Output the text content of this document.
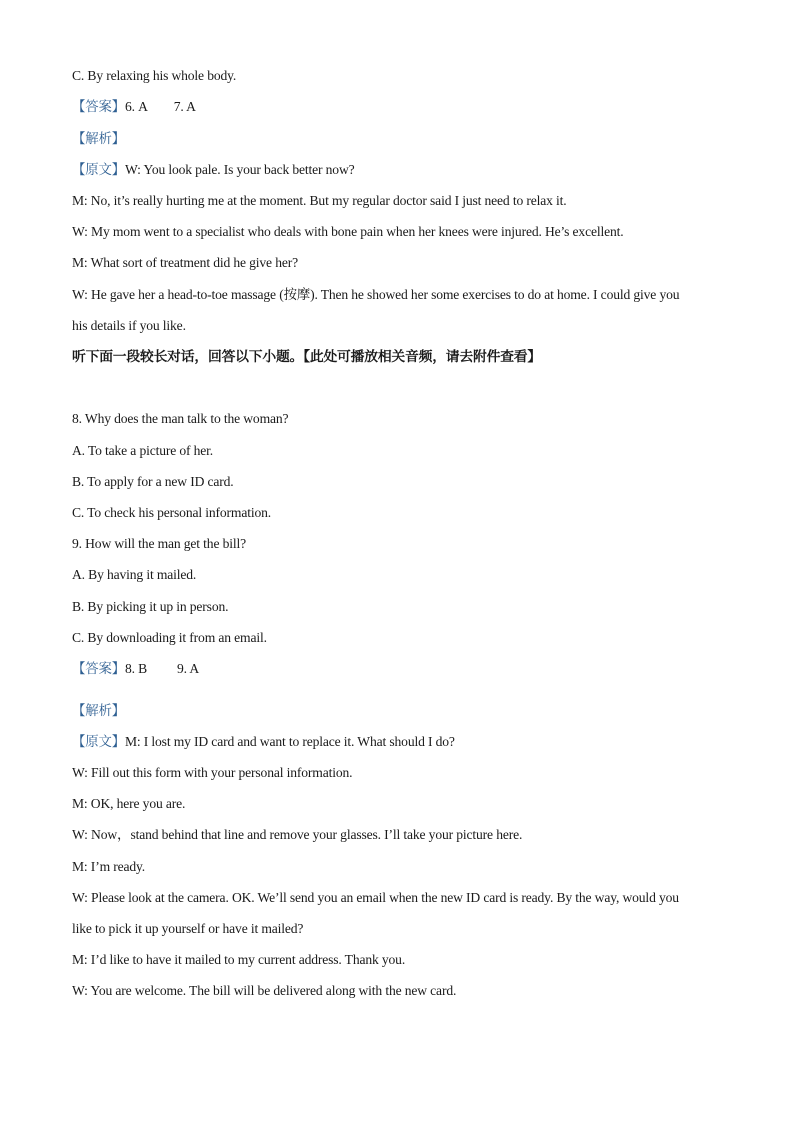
C. By relaxing his whole body.
【答案】6. A 7. A
【解析】
【原文】W: You look pale. Is your back better now?
M: No, it’s really hurting me at the moment. But my regular doctor said I just need to relax it.
W: My mom went to a specialist who deals with bone pain when her knees were injured. He’s excellent.
M: What sort of treatment did he give her?
W: He gave her a head-to-toe massage (按摩). Then he showed her some exercises to do at home. I could give you
his details if you like.
听下面一段较长对话，回答以下小题。【此处可播放相关音频，请去附件查看】
8. Why does the man talk to the woman?
A. To take a picture of her.
B. To apply for a new ID card.
C. To check his personal information.
9. How will the man get the bill?
A. By having it mailed.
B. By picking it up in person.
C. By downloading it from an email.
【答案】8. B 9. A
【解析】
【原文】M: I lost my ID card and want to replace it. What should I do?
W: Fill out this form with your personal information.
M: OK, here you are.
W: Now，stand behind that line and remove your glasses. I’ll take your picture here.
M: I’m ready.
W: Please look at the camera. OK. We’ll send you an email when the new ID card is ready. By the way, would you
like to pick it up yourself or have it mailed?
M: I’d like to have it mailed to my current address. Thank you.
W: You are welcome. The bill will be delivered along with the new card.
